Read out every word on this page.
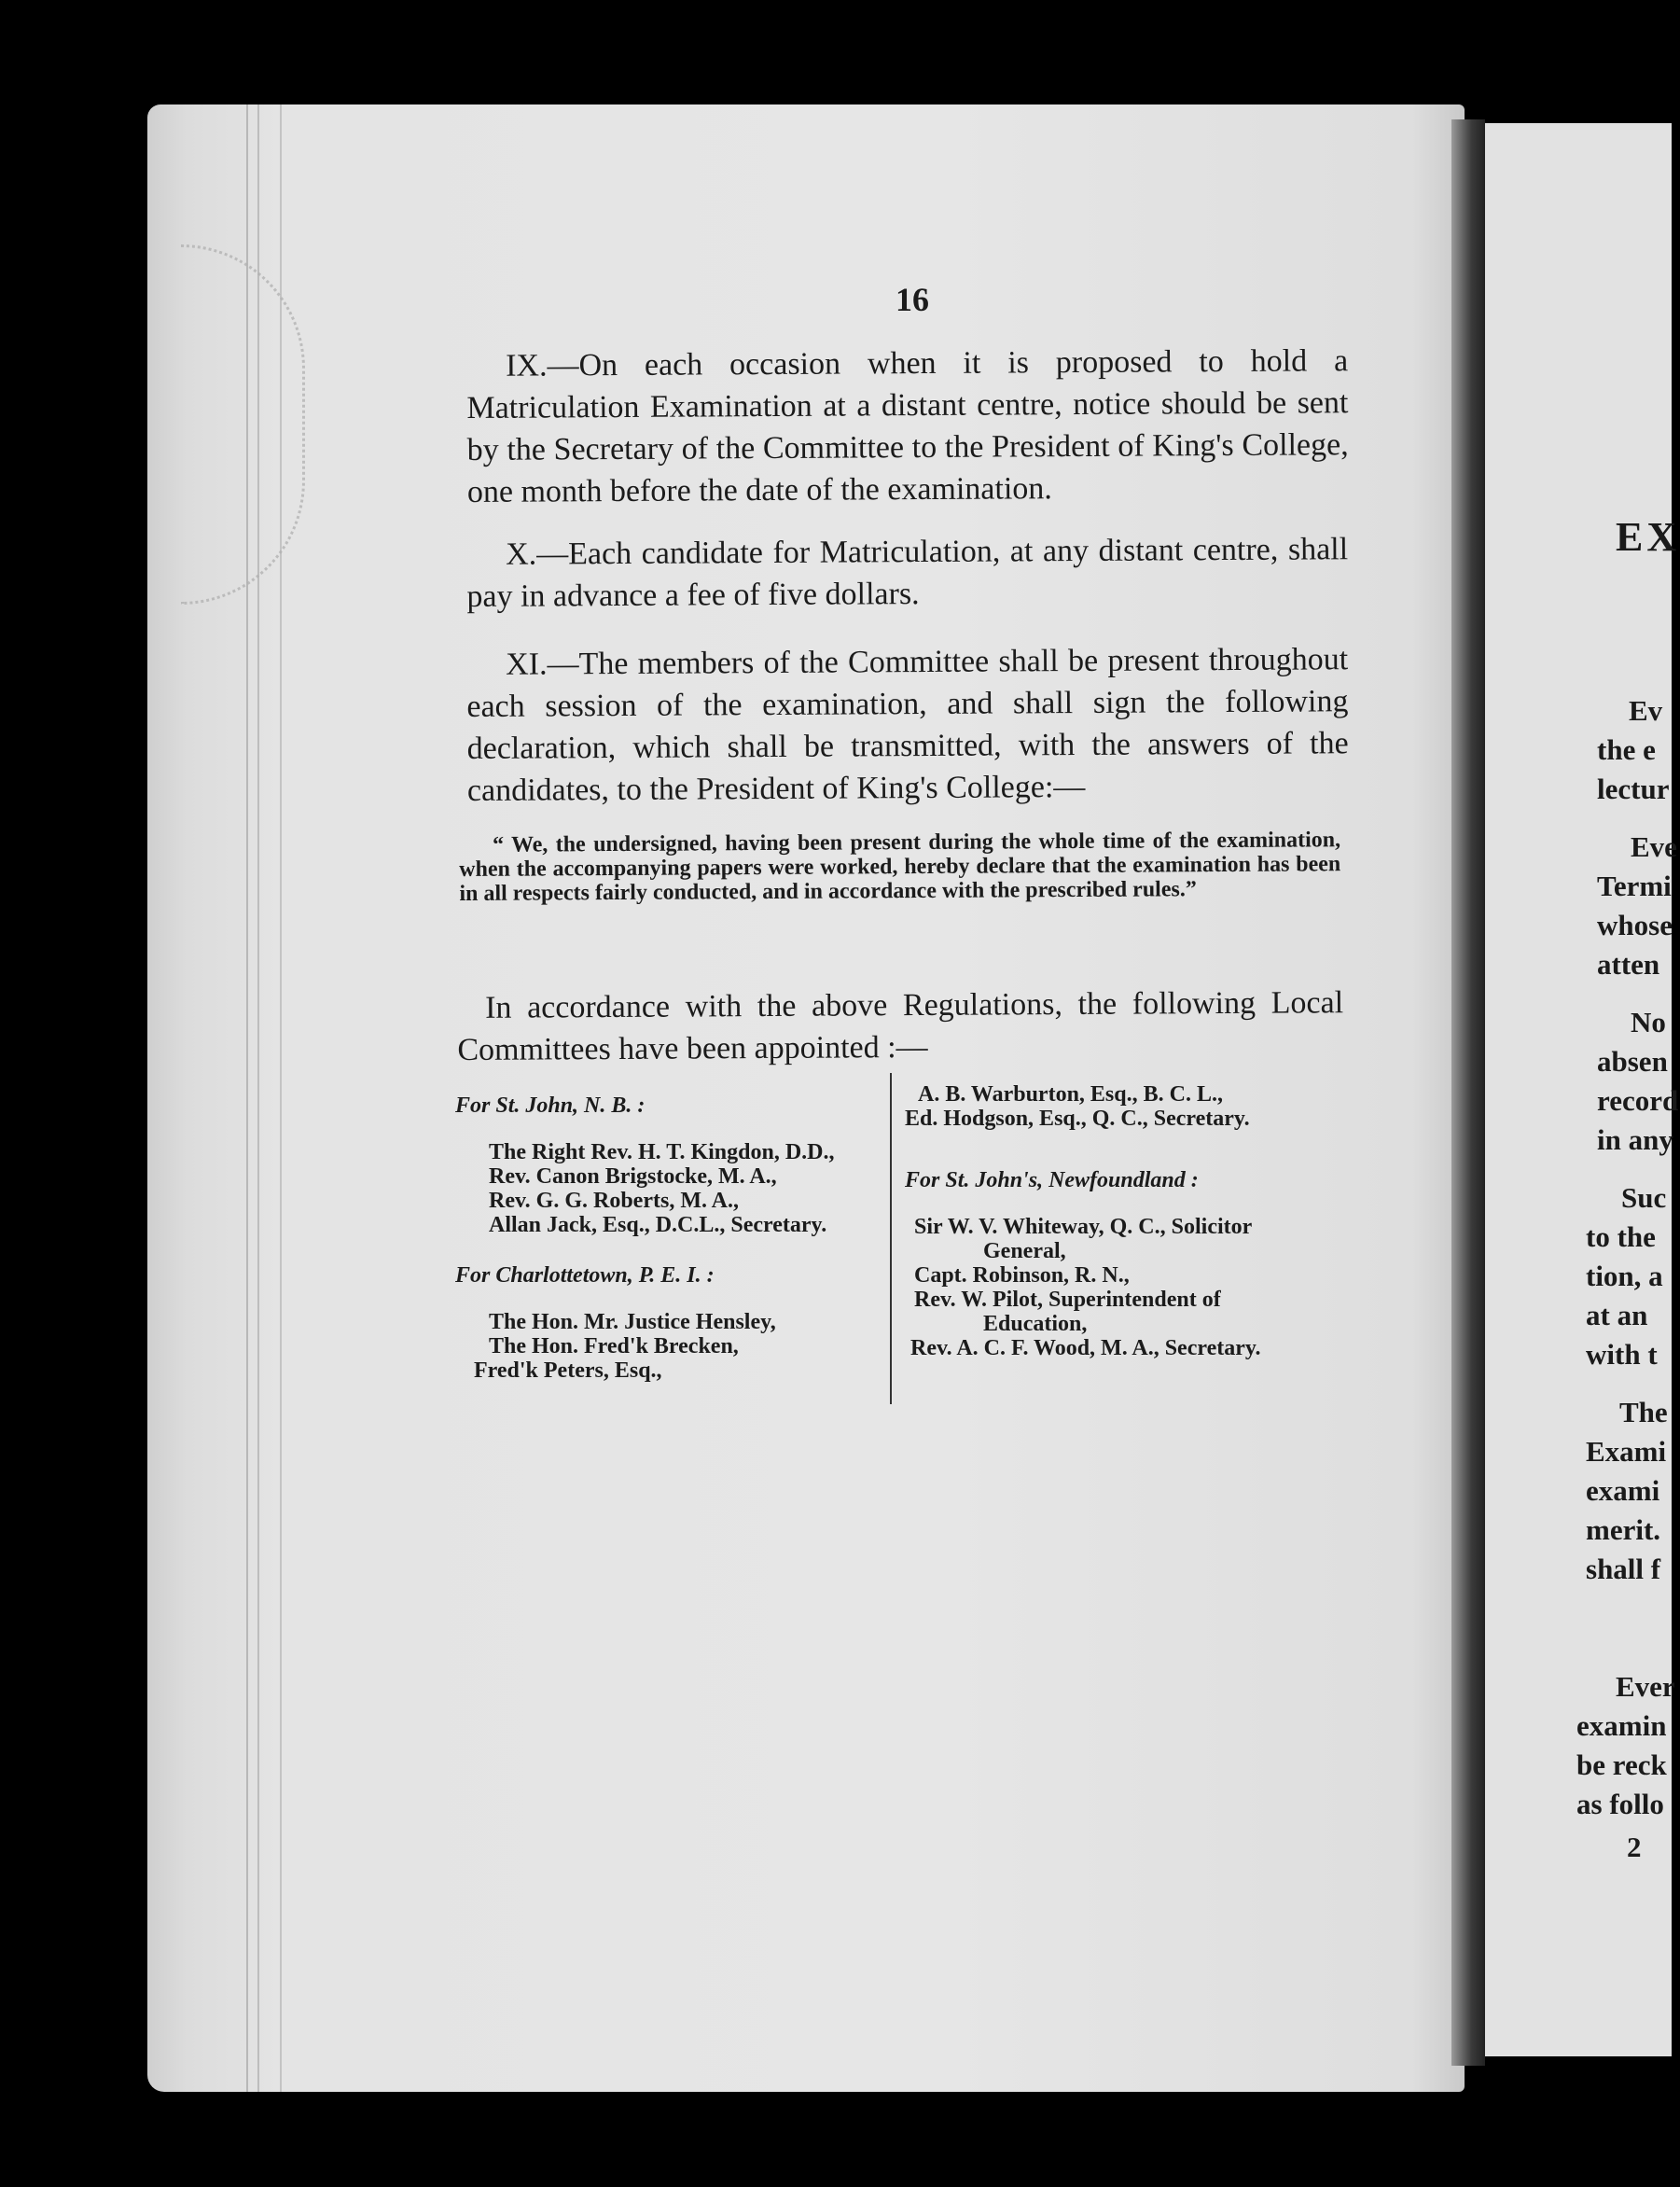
EX
Ev
the e
lectur
Eve
Termi
whose
atten
No
absen
record
in any
Suc
to the
tion, a
at an
with t
The
Exami
exami
merit.
shall f
Ever
examin
be reck
as follo
2
16
IX.—On each occasion when it is proposed to hold a Matriculation Examination at a distant centre, notice should be sent by the Secretary of the Committee to the President of King's College, one month before the date of the examination.
X.—Each candidate for Matriculation, at any distant centre, shall pay in advance a fee of five dollars.
XI.—The members of the Committee shall be present throughout each session of the examination, and shall sign the following declaration, which shall be transmitted, with the answers of the candidates, to the President of King's College:—
“ We, the undersigned, having been present during the whole time of the examination, when the accompanying papers were worked, hereby declare that the examination has been in all respects fairly conducted, and in accordance with the prescribed rules.”
In accordance with the above Regulations, the following Local Committees have been appointed :—
For St. John, N. B. :
The Right Rev. H. T. Kingdon, D.D.,
Rev. Canon Brigstocke, M. A.,
Rev. G. G. Roberts, M. A.,
Allan Jack, Esq., D.C.L., Secretary.
For Charlottetown, P. E. I. :
The Hon. Mr. Justice Hensley,
The Hon. Fred'k Brecken,
Fred'k Peters, Esq.,
A. B. Warburton, Esq., B. C. L.,
Ed. Hodgson, Esq., Q. C., Secretary.
For St. John's, Newfoundland :
Sir W. V. Whiteway, Q. C., Solicitor
General,
Capt. Robinson, R. N.,
Rev. W. Pilot, Superintendent of
Education,
Rev. A. C. F. Wood, M. A., Secretary.
